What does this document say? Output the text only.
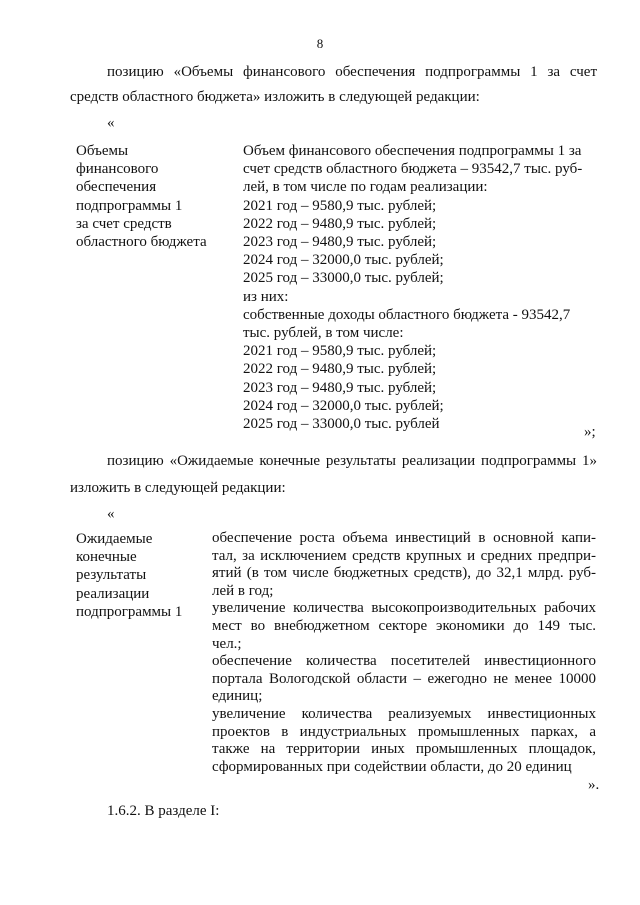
8

позицию «Объемы финансового обеспечения подпрограммы 1 за счет

средств областного бюджета» изложить в следующей редакции:

«

Объемы
финансового
обеспечения
подпрограммы 1
за счет средств
областного бюджета
Объем финансового обеспечения подпрограммы 1 за
счет средств областного бюджета – 93542,7 тыс. руб-
лей, в том числе по годам реализации:
2021 год – 9580,9 тыс. рублей;
2022 год – 9480,9 тыс. рублей;
2023 год – 9480,9 тыс. рублей;
2024 год – 32000,0 тыс. рублей;
2025 год – 33000,0 тыс. рублей;
из них:
собственные доходы областного бюджета - 93542,7
тыс. рублей, в том числе:
2021 год – 9580,9 тыс. рублей;
2022 год – 9480,9 тыс. рублей;
2023 год – 9480,9 тыс. рублей;
2024 год – 32000,0 тыс. рублей;
2025 год – 33000,0 тыс. рублей	»;

позицию «Ожидаемые конечные результаты реализации подпрограммы 1»

изложить в следующей редакции:

«

Ожидаемые
конечные
результаты
реализации
подпрограммы 1
обеспечение роста объема инвестиций в основной капи-
тал, за исключением средств крупных и средних предпри-
ятий (в том числе бюджетных средств), до 32,1 млрд. руб-
лей в год;
увеличение количества высокопроизводительных рабочих
мест во внебюджетном секторе экономики до 149 тыс.
чел.;
обеспечение количества посетителей инвестиционного
портала Вологодской области – ежегодно не менее 10000
единиц;
увеличение количества реализуемых инвестиционных
проектов в индустриальных промышленных парках, а
также на территории иных промышленных площадок,
сформированных при содействии области, до 20 единиц

».

1.6.2. В разделе I:
